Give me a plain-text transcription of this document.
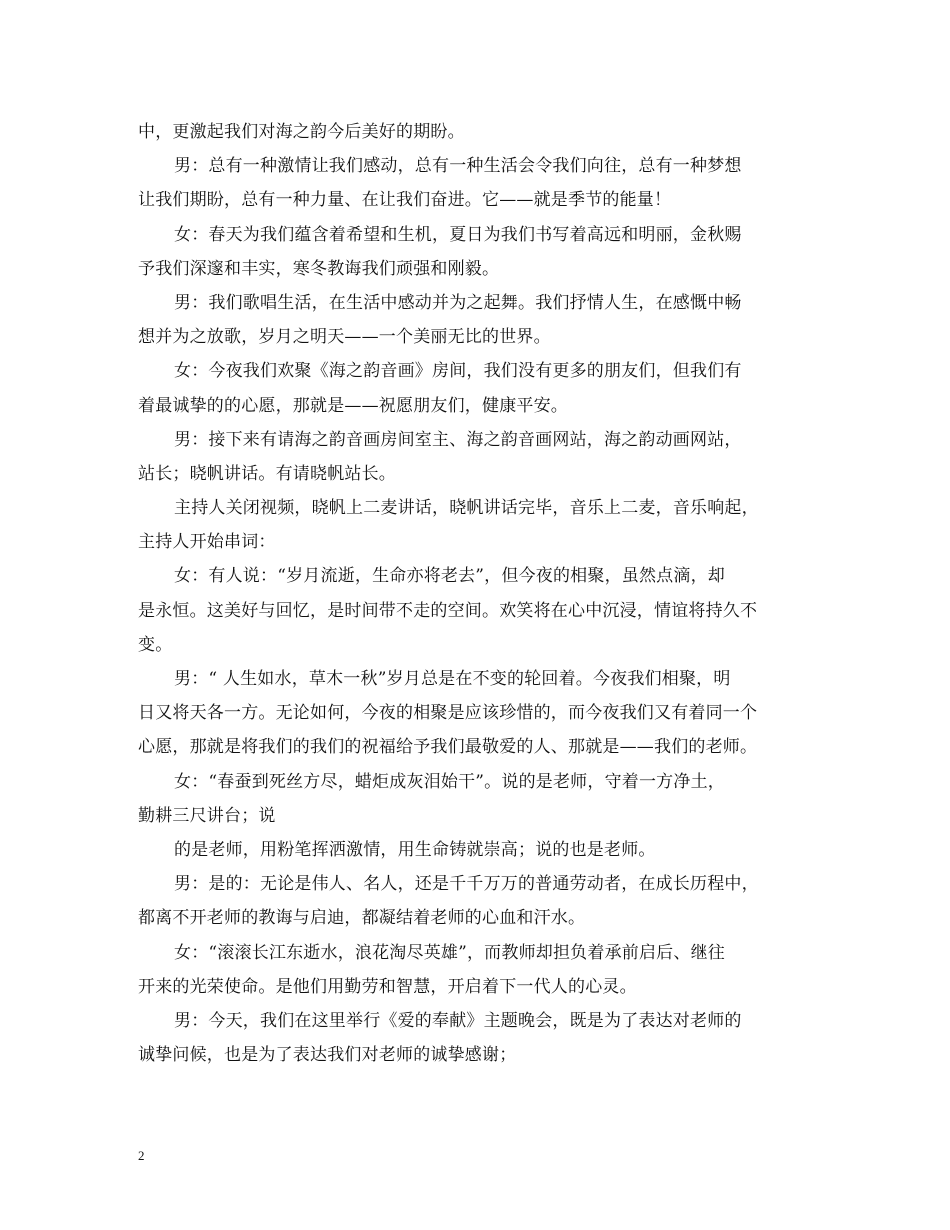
中，更激起我们对海之韵今后美好的期盼。
男：总有一种激情让我们感动，总有一种生活会令我们向往，总有一种梦想
让我们期盼，总有一种力量、在让我们奋进。它——就是季节的能量！
女：春天为我们蕴含着希望和生机，夏日为我们书写着高远和明丽，金秋赐
予我们深邃和丰实，寒冬教诲我们顽强和刚毅。
男：我们歌唱生活，在生活中感动并为之起舞。我们抒情人生，在感慨中畅
想并为之放歌，岁月之明天——一个美丽无比的世界。
女：今夜我们欢聚《海之韵音画》房间，我们没有更多的朋友们，但我们有
着最诚挚的的心愿，那就是——祝愿朋友们，健康平安。
男：接下来有请海之韵音画房间室主、海之韵音画网站，海之韵动画网站，
站长；晓帆讲话。有请晓帆站长。
主持人关闭视频，晓帆上二麦讲话，晓帆讲话完毕，音乐上二麦，音乐响起，
主持人开始串词：
女：有人说：“岁月流逝，生命亦将老去”，但今夜的相聚，虽然点滴，却
是永恒。这美好与回忆，是时间带不走的空间。欢笑将在心中沉浸，情谊将持久不
变。
男：“ 人生如水，草木一秋”岁月总是在不变的轮回着。今夜我们相聚，明
日又将天各一方。无论如何，今夜的相聚是应该珍惜的，而今夜我们又有着同一个
心愿，那就是将我们的我们的祝福给予我们最敬爱的人、那就是——我们的老师。
女：“春蚕到死丝方尽，蜡炬成灰泪始干”。说的是老师，守着一方净土，
勤耕三尺讲台；说
的是老师，用粉笔挥洒激情，用生命铸就崇高；说的也是老师。
男：是的：无论是伟人、名人，还是千千万万的普通劳动者，在成长历程中，
都离不开老师的教诲与启迪，都凝结着老师的心血和汗水。
女：“滚滚长江东逝水，浪花淘尽英雄”，而教师却担负着承前启后、继往
开来的光荣使命。是他们用勤劳和智慧，开启着下一代人的心灵。
男：今天，我们在这里举行《爱的奉献》主题晚会，既是为了表达对老师的
诚挚问候，也是为了表达我们对老师的诚挚感谢；
2
